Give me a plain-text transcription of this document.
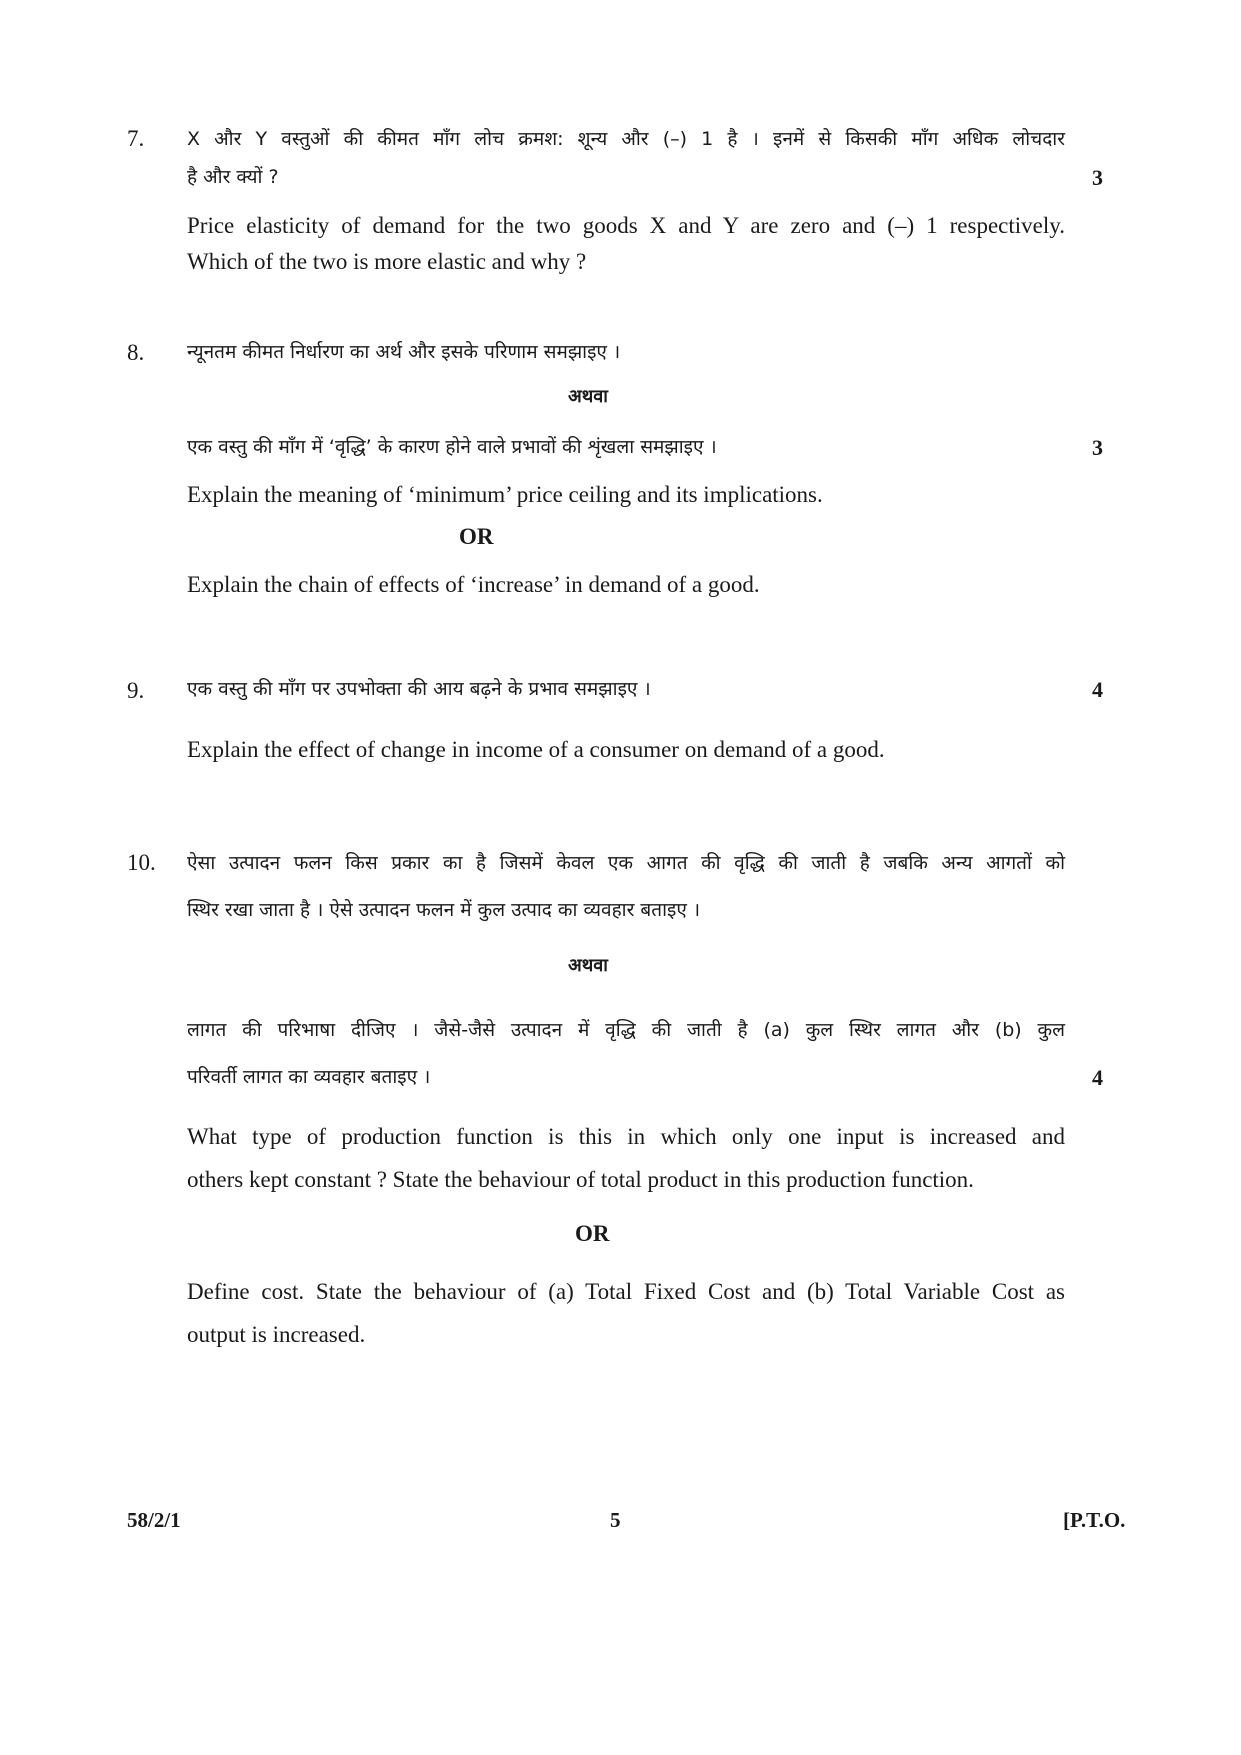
7. X और Y वस्तुओं की कीमत माँग लोच क्रमश: शून्य और (–) 1 है । इनमें से किसकी माँग अधिक लोचदार
है और क्यों ?	3
Price elasticity of demand for the two goods X and Y are zero and (–) 1 respectively.
Which of the two is more elastic and why ?
8. न्यूनतम कीमत निर्धारण का अर्थ और इसके परिणाम समझाइए ।
अथवा
एक वस्तु की माँग में ‘वृद्धि’ के कारण होने वाले प्रभावों की शृंखला समझाइए ।	3
Explain the meaning of ‘minimum’ price ceiling and its implications.
OR
Explain the chain of effects of ‘increase’ in demand of a good.
9. एक वस्तु की माँग पर उपभोक्ता की आय बढ़ने के प्रभाव समझाइए ।	4
Explain the effect of change in income of a consumer on demand of a good.
10. ऐसा उत्पादन फलन किस प्रकार का है जिसमें केवल एक आगत की वृद्धि की जाती है जबकि अन्य आगतों को
स्थिर रखा जाता है । ऐसे उत्पादन फलन में कुल उत्पाद का व्यवहार बताइए ।
अथवा
लागत की परिभाषा दीजिए । जैसे-जैसे उत्पादन में वृद्धि की जाती है (a) कुल स्थिर लागत और (b) कुल
परिवर्ती लागत का व्यवहार बताइए ।	4
What type of production function is this in which only one input is increased and
others kept constant ? State the behaviour of total product in this production function.
OR
Define cost. State the behaviour of (a) Total Fixed Cost and (b) Total Variable Cost as
output is increased.
58/2/1	5	[P.T.O.
